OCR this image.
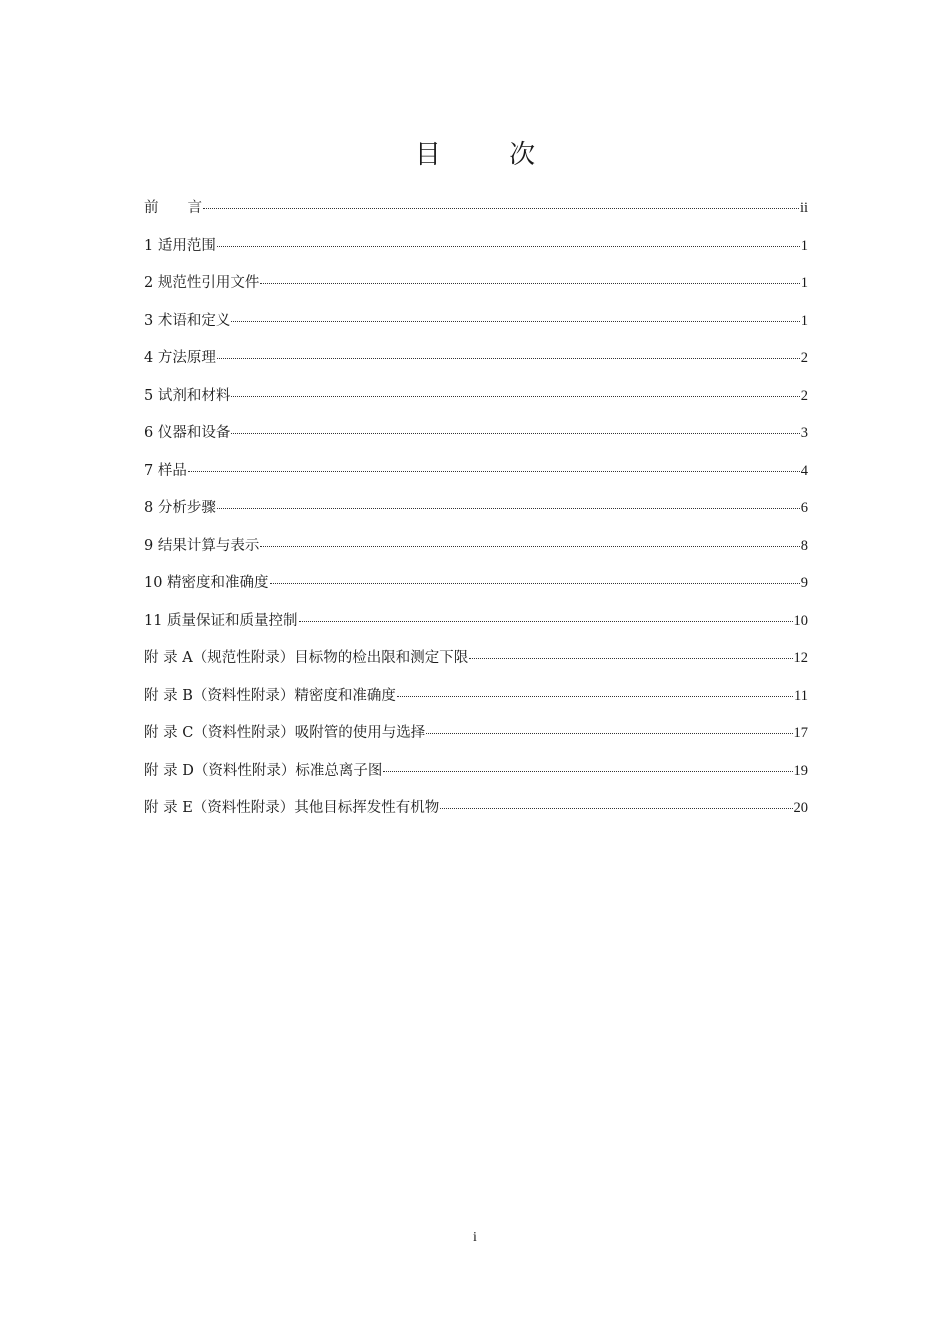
目 次
前　　言	ii
1 适用范围	1
2 规范性引用文件	1
3 术语和定义	1
4 方法原理	2
5 试剂和材料	2
6 仪器和设备	3
7 样品	4
8 分析步骤	6
9 结果计算与表示	8
10 精密度和准确度	9
11 质量保证和质量控制	10
附 录 A（规范性附录）目标物的检出限和测定下限	12
附 录 B（资料性附录）精密度和准确度	11
附 录 C（资料性附录）吸附管的使用与选择	17
附 录 D（资料性附录）标准总离子图	19
附 录 E（资料性附录）其他目标挥发性有机物	20
i
